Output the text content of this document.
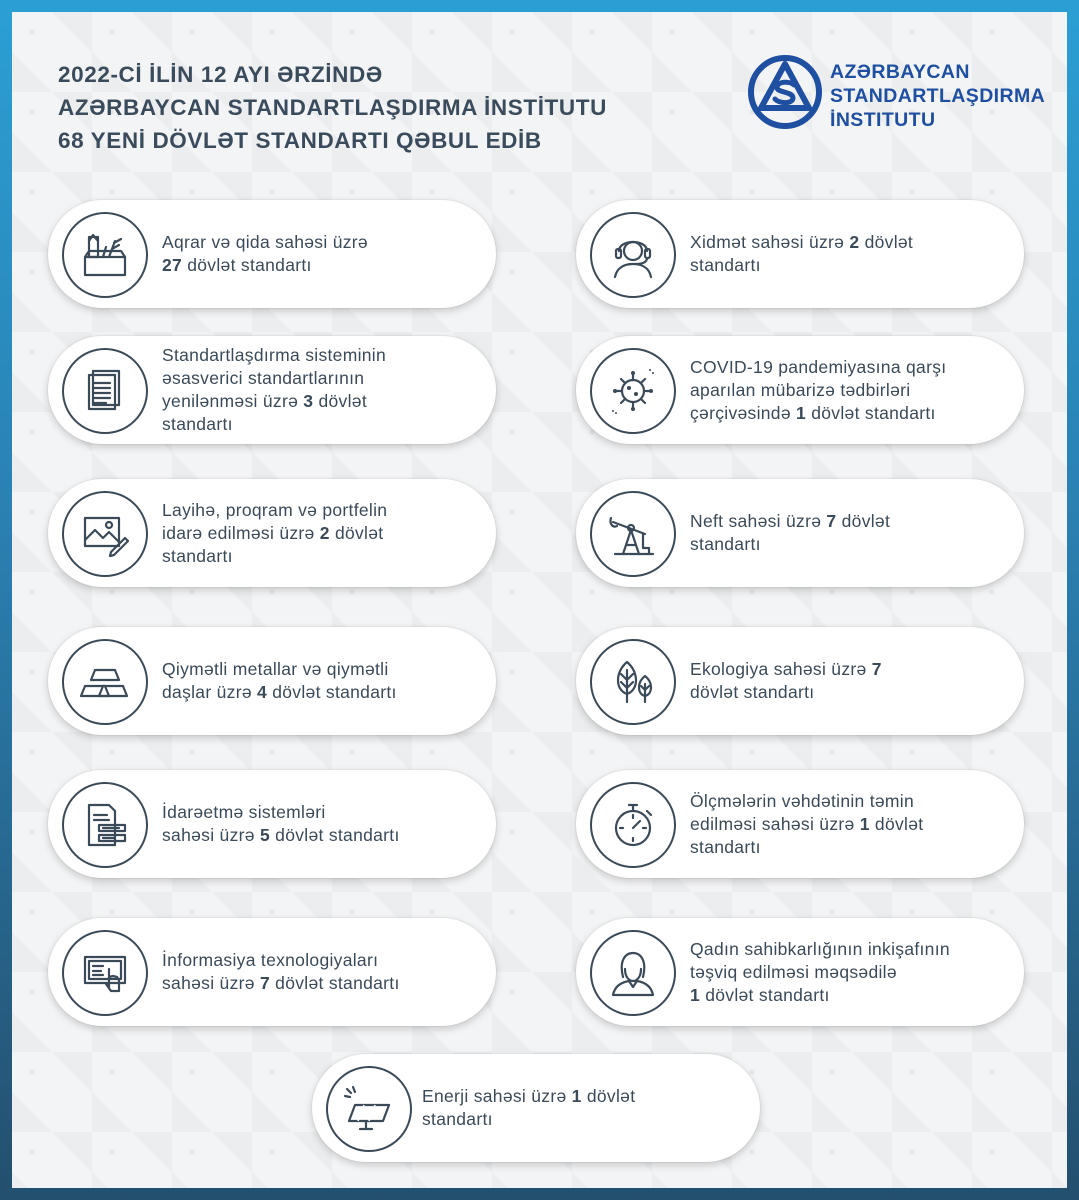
2022-Cİ İLİN 12 AYI ƏRZİNDƏ
AZƏRBAYCAN STANDARTLAŞDIRMA İNSTİTUTU
68 YENİ DÖVLƏT STANDARTI QƏBUL EDİB
AZƏRBAYCAN
STANDARTLAŞDIRMA
İNSTITUTU
Aqrar və qida sahəsi üzrə
27 dövlət standartı
Xidmət sahəsi üzrə 2 dövlət
standartı
Standartlaşdırma sisteminin
əsasverici standartlarının
yenilənməsi üzrə 3 dövlət
standartı
COVID-19 pandemiyasına qarşı
aparılan mübarizə tədbirləri
çərçivəsində 1 dövlət standartı
Layihə, proqram və portfelin
idarə edilməsi üzrə 2 dövlət
standartı
Neft sahəsi üzrə 7 dövlət
standartı
Qiymətli metallar və qiymətli
daşlar üzrə 4 dövlət standartı
Ekologiya sahəsi üzrə 7
dövlət standartı
İdarəetmə sistemləri
sahəsi üzrə 5 dövlət standartı
Ölçmələrin vəhdətinin təmin
edilməsi sahəsi üzrə 1 dövlət
standartı
İnformasiya texnologiyaları
sahəsi üzrə 7 dövlət standartı
Qadın sahibkarlığının inkişafının
təşviq edilməsi məqsədilə
1 dövlət standartı
Enerji sahəsi üzrə 1 dövlət
standartı
